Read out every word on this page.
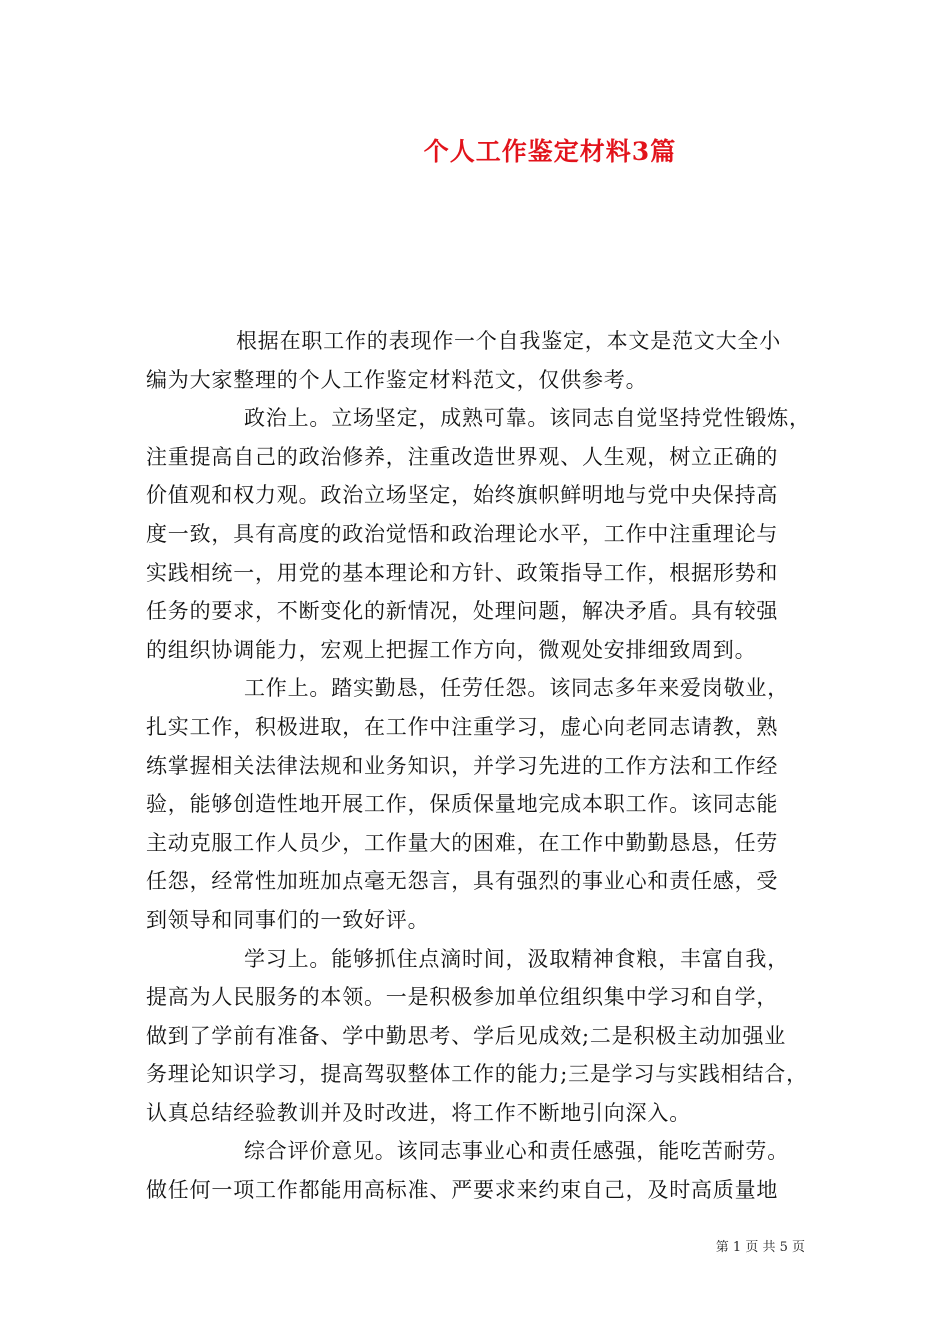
个人工作鉴定材料3篇
根据在职工作的表现作一个自我鉴定，本文是范文大全小
编为大家整理的个人工作鉴定材料范文，仅供参考。
政治上。立场坚定，成熟可靠。该同志自觉坚持党性锻炼，
注重提高自己的政治修养，注重改造世界观、人生观，树立正确的
价值观和权力观。政治立场坚定，始终旗帜鲜明地与党中央保持高
度一致，具有高度的政治觉悟和政治理论水平，工作中注重理论与
实践相统一，用党的基本理论和方针、政策指导工作，根据形势和
任务的要求，不断变化的新情况，处理问题，解决矛盾。具有较强
的组织协调能力，宏观上把握工作方向，微观处安排细致周到。
工作上。踏实勤恳，任劳任怨。该同志多年来爱岗敬业，
扎实工作，积极进取，在工作中注重学习，虚心向老同志请教，熟
练掌握相关法律法规和业务知识，并学习先进的工作方法和工作经
验，能够创造性地开展工作，保质保量地完成本职工作。该同志能
主动克服工作人员少，工作量大的困难，在工作中勤勤恳恳，任劳
任怨，经常性加班加点毫无怨言，具有强烈的事业心和责任感，受
到领导和同事们的一致好评。
学习上。能够抓住点滴时间，汲取精神食粮，丰富自我，
提高为人民服务的本领。一是积极参加单位组织集中学习和自学，
做到了学前有准备、学中勤思考、学后见成效;二是积极主动加强业
务理论知识学习，提高驾驭整体工作的能力;三是学习与实践相结合，
认真总结经验教训并及时改进，将工作不断地引向深入。
综合评价意见。该同志事业心和责任感强，能吃苦耐劳。
做任何一项工作都能用高标准、严要求来约束自己，及时高质量地
第 1 页 共 5 页
